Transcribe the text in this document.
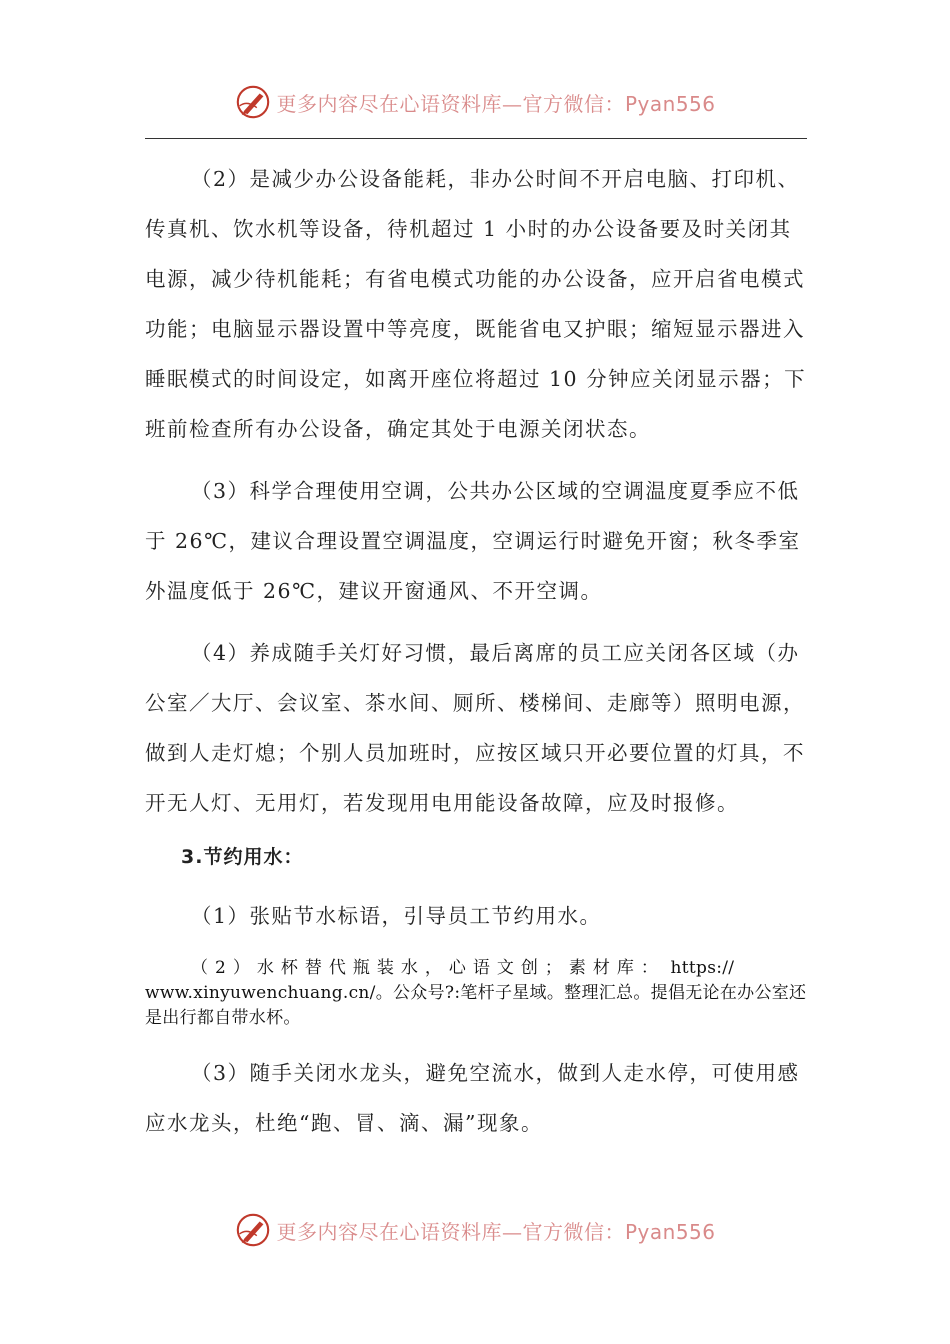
更多内容尽在心语资料库—官方微信：Pyan556

（2）是减少办公设备能耗，非办公时间不开启电脑、打印机、传真机、饮水机等设备，待机超过 1 小时的办公设备要及时关闭其电源，减少待机能耗；有省电模式功能的办公设备，应开启省电模式功能；电脑显示器设置中等亮度，既能省电又护眼；缩短显示器进入睡眠模式的时间设定，如离开座位将超过 10 分钟应关闭显示器；下班前检查所有办公设备，确定其处于电源关闭状态。

（3）科学合理使用空调，公共办公区域的空调温度夏季应不低于 26℃，建议合理设置空调温度，空调运行时避免开窗；秋冬季室外温度低于 26℃，建议开窗通风、不开空调。

（4）养成随手关灯好习惯，最后离席的员工应关闭各区域（办公室／大厅、会议室、茶水间、厕所、楼梯间、走廊等）照明电源，做到人走灯熄；个别人员加班时，应按区域只开必要位置的灯具，不开无人灯、无用灯，若发现用电用能设备故障，应及时报修。

3.节约用水：

（1）张贴节水标语，引导员工节约用水。

（2）水杯替代瓶装水，心语文创；素材库： https:// www.xinyuwenchuang.cn/。公众号?:笔杆子星域。整理汇总。提倡无论在办公室还是出行都自带水杯。

（3）随手关闭水龙头，避免空流水，做到人走水停，可使用感应水龙头，杜绝“跑、冒、滴、漏”现象。

更多内容尽在心语资料库—官方微信：Pyan556
